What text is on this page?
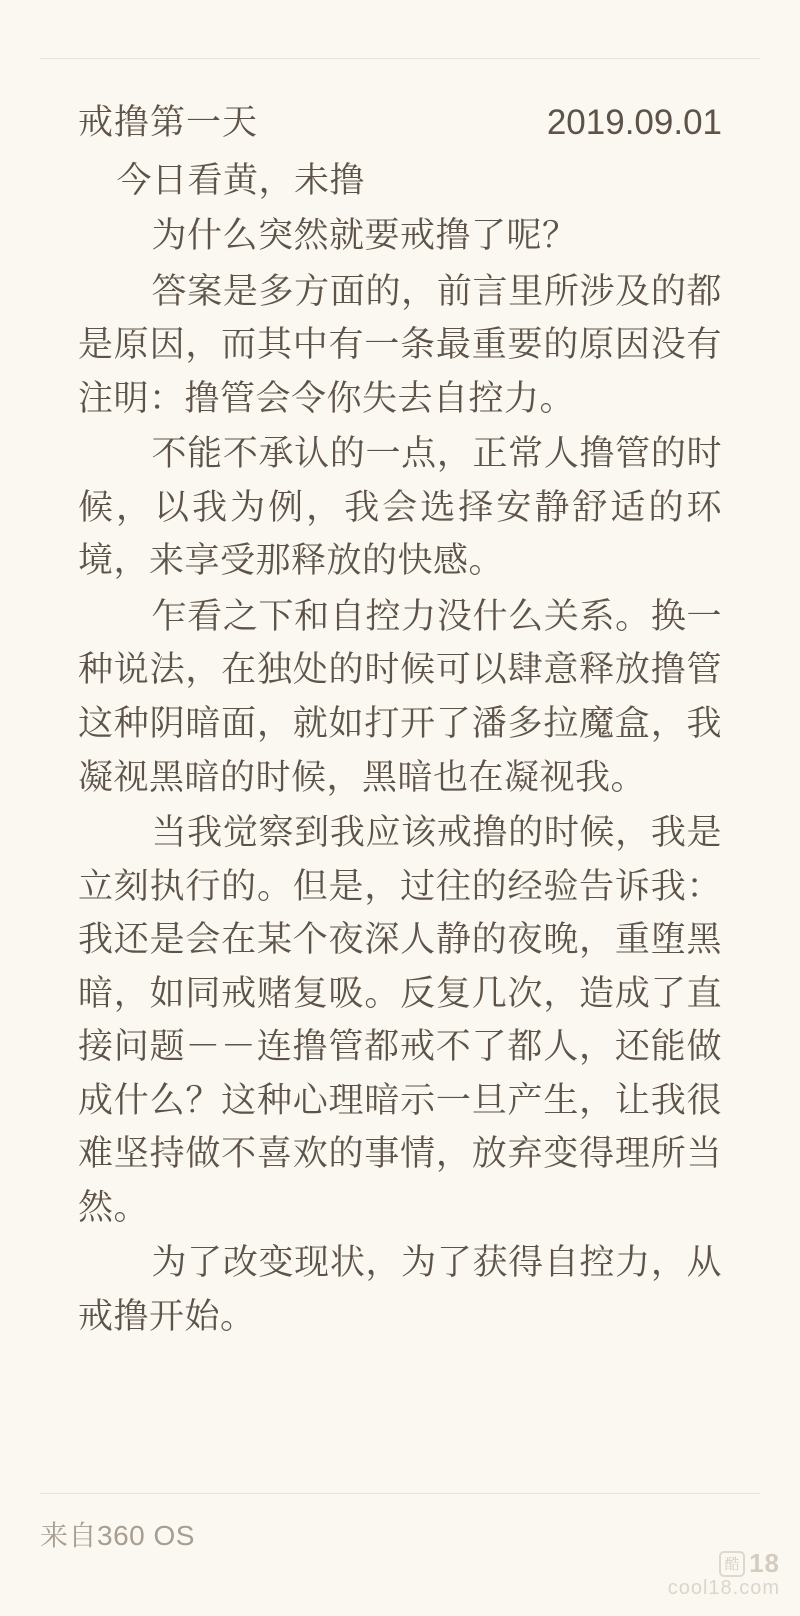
戒撸第一天	2019.09.01

今日看黄，未撸

为什么突然就要戒撸了呢？

答案是多方面的，前言里所涉及的都是原因，而其中有一条最重要的原因没有注明：撸管会令你失去自控力。

不能不承认的一点，正常人撸管的时候，以我为例，我会选择安静舒适的环境，来享受那释放的快感。

乍看之下和自控力没什么关系。换一种说法，在独处的时候可以肆意释放撸管这种阴暗面，就如打开了潘多拉魔盒，我凝视黑暗的时候，黑暗也在凝视我。

当我觉察到我应该戒撸的时候，我是立刻执行的。但是，过往的经验告诉我：我还是会在某个夜深人静的夜晚，重堕黑暗，如同戒赌复吸。反复几次，造成了直接问题－－连撸管都戒不了都人，还能做成什么？这种心理暗示一旦产生，让我很难坚持做不喜欢的事情，放弃变得理所当然。

为了改变现状，为了获得自控力，从戒撸开始。

来自360 OS
酷 18
cool18.com
